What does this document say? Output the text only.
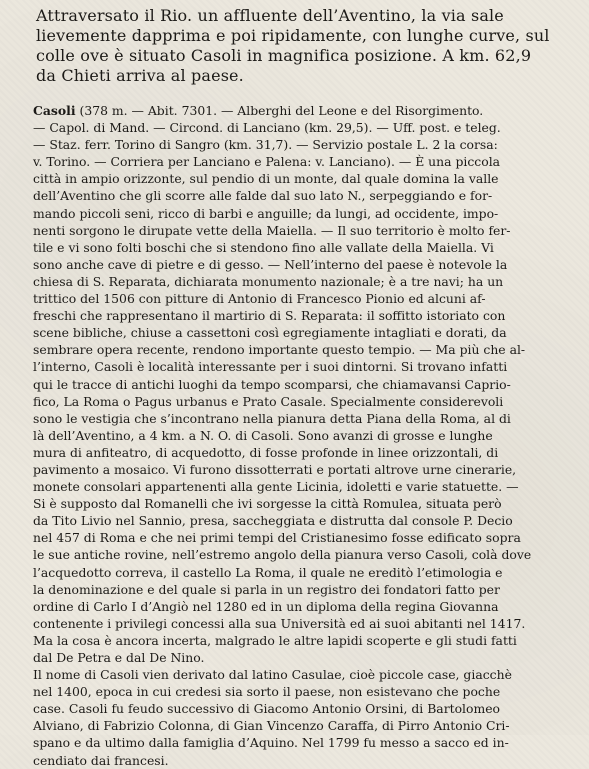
Attraversato il Rio. un affluente dell’Aventino, la via sale
lievemente dapprima e poi ripidamente, con lunghe curve, sul
colle ove è situato Casoli in magnifica posizione. A km. 62,9
da Chieti arriva al paese.
Casoli (378 m. — Abit. 7301. — Alberghi del Leone e del Risorgimento.
— Capol. di Mand. — Circond. di Lanciano (km. 29,5). — Uff. post. e teleg.
— Staz. ferr. Torino di Sangro (km. 31,7). — Servizio postale L. 2 la corsa:
v. Torino. — Corriera per Lanciano e Palena: v. Lanciano). — È una piccola
città in ampio orizzonte, sul pendio di un monte, dal quale domina la valle
dell’Aventino che gli scorre alle falde dal suo lato N., serpeggiando e for-
mando piccoli seni, ricco di barbi e anguille; da lungi, ad occidente, impo-
nenti sorgono le dirupate vette della Maiella. — Il suo territorio è molto fer-
tile e vi sono folti boschi che si stendono fino alle vallate della Maiella. Vi
sono anche cave di pietre e di gesso. — Nell’interno del paese è notevole la
chiesa di S. Reparata, dichiarata monumento nazionale; è a tre navi; ha un
trittico del 1506 con pitture di Antonio di Francesco Pionio ed alcuni af-
freschi che rappresentano il martirio di S. Reparata: il soffitto istoriato con
scene bibliche, chiuse a cassettoni così egregiamente intagliati e dorati, da
sembrare opera recente, rendono importante questo tempio. — Ma più che al-
l’interno, Casoli è località interessante per i suoi dintorni. Si trovano infatti
qui le tracce di antichi luoghi da tempo scomparsi, che chiamavansi Caprio-
fico, La Roma o Pagus urbanus e Prato Casale. Specialmente considerevoli
sono le vestigia che s’incontrano nella pianura detta Piana della Roma, al di
là dell’Aventino, a 4 km. a N. O. di Casoli. Sono avanzi di grosse e lunghe
mura di anfiteatro, di acquedotto, di fosse profonde in linee orizzontali, di
pavimento a mosaico. Vi furono dissotterrati e portati altrove urne cinerarie,
monete consolari appartenenti alla gente Licinia, idoletti e varie statuette. —
Si è supposto dal Romanelli che ivi sorgesse la città Romulea, situata però
da Tito Livio nel Sannio, presa, saccheggiata e distrutta dal console P. Decio
nel 457 di Roma e che nei primi tempi del Cristianesimo fosse edificato sopra
le sue antiche rovine, nell’estremo angolo della pianura verso Casoli, colà dove
l’acquedotto correva, il castello La Roma, il quale ne ereditò l’etimologia e
la denominazione e del quale si parla in un registro dei fondatori fatto per
ordine di Carlo I d’Angiò nel 1280 ed in un diploma della regina Giovanna
contenente i privilegi concessi alla sua Università ed ai suoi abitanti nel 1417.
Ma la cosa è ancora incerta, malgrado le altre lapidi scoperte e gli studi fatti
dal De Petra e dal De Nino.
Il nome di Casoli vien derivato dal latino Casulae, cioè piccole case, giacchè
nel 1400, epoca in cui credesi sia sorto il paese, non esistevano che poche
case. Casoli fu feudo successivo di Giacomo Antonio Orsini, di Bartolomeo
Alviano, di Fabrizio Colonna, di Gian Vincenzo Caraffa, di Pirro Antonio Cri-
spano e da ultimo dalla famiglia d’Aquino. Nel 1799 fu messo a sacco ed in-
cendiato dai francesi.
